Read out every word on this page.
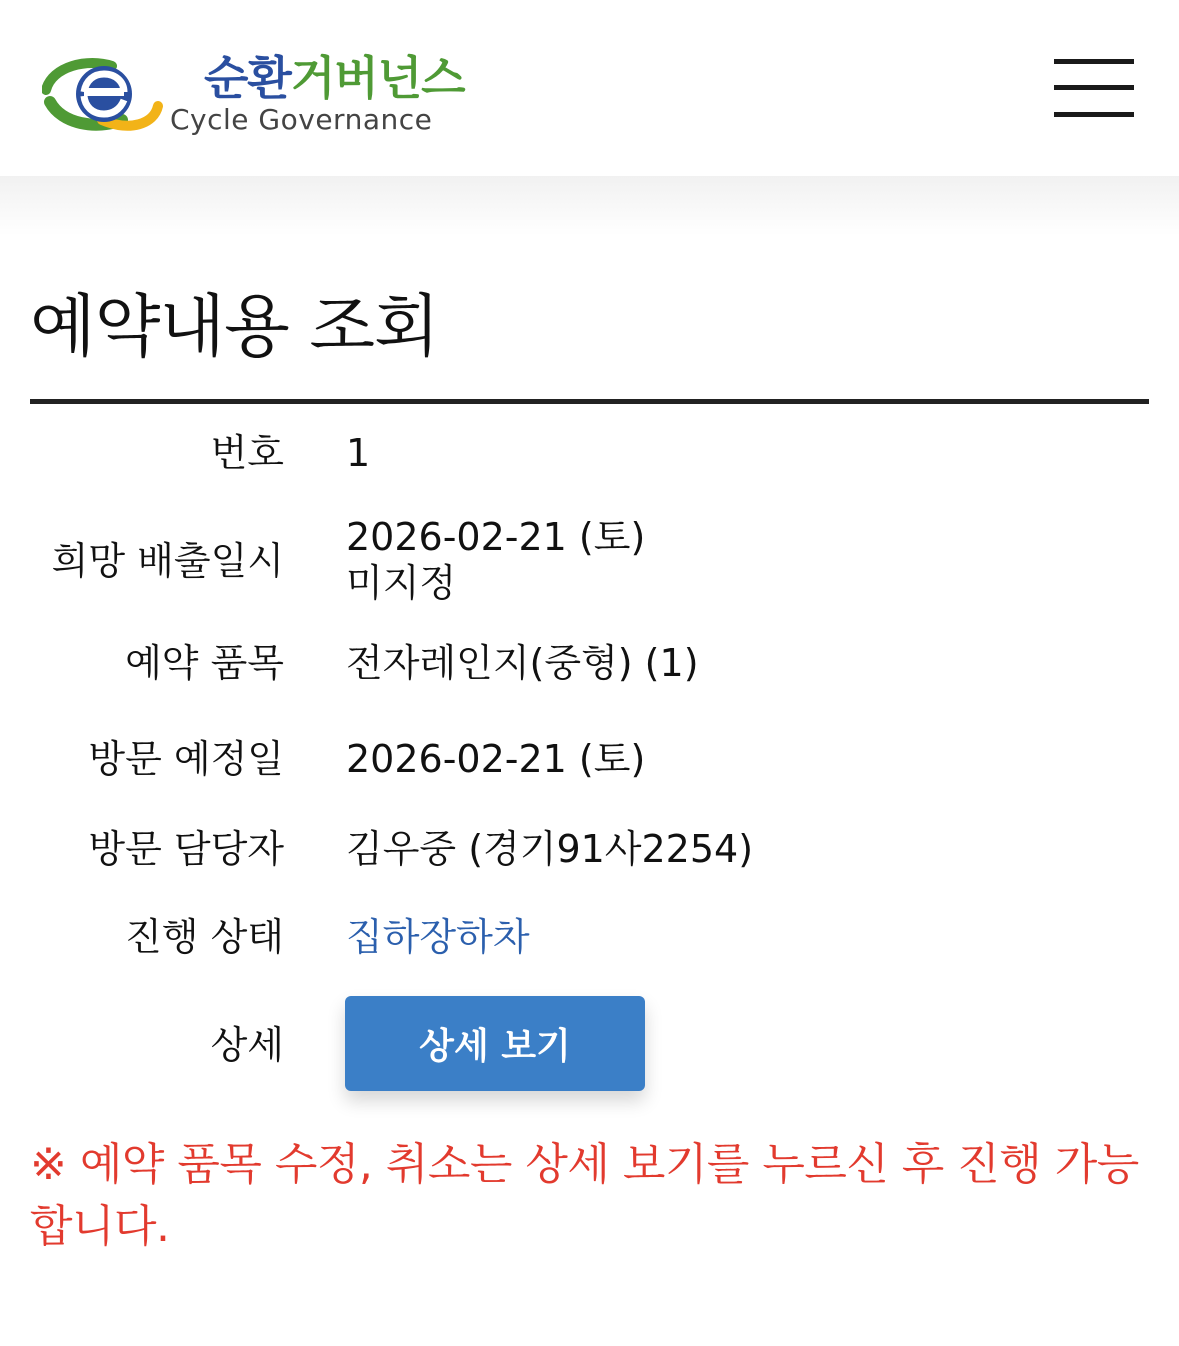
순환거버넌스
Cycle Governance
예약내용 조회
번호 1
희망 배출일시
2026-02-21 (토)
미지정
예약 품목 전자레인지(중형) (1)
방문 예정일 2026-02-21 (토)
방문 담당자 김우중 (경기91사2254)
진행 상태 집하장하차
상세	상세 보기
※ 예약 품목 수정, 취소는 상세 보기를 누르신 후 진행 가능합니다.
